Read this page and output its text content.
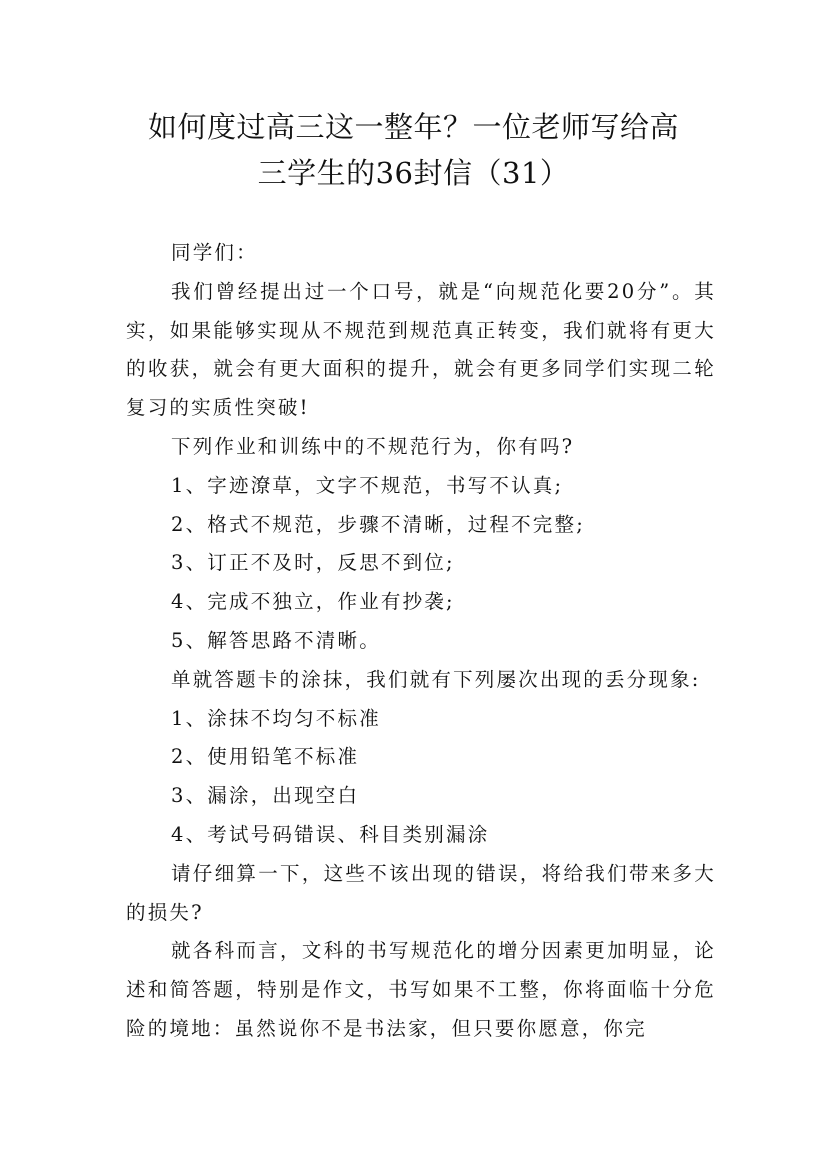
如何度过高三这一整年？一位老师写给高
三学生的36封信（31）

同学们：

我们曾经提出过一个口号，就是“向规范化要20分”。其实，如果能够实现从不规范到规范真正转变，我们就将有更大的收获，就会有更大面积的提升，就会有更多同学们实现二轮复习的实质性突破!

下列作业和训练中的不规范行为，你有吗?

1、字迹潦草，文字不规范，书写不认真;

2、格式不规范，步骤不清晰，过程不完整;

3、订正不及时，反思不到位;

4、完成不独立，作业有抄袭;

5、解答思路不清晰。

单就答题卡的涂抹，我们就有下列屡次出现的丢分现象:

1、涂抹不均匀不标准

2、使用铅笔不标准

3、漏涂，出现空白

4、考试号码错误、科目类别漏涂

请仔细算一下，这些不该出现的错误，将给我们带来多大的损失?

就各科而言，文科的书写规范化的增分因素更加明显，论述和简答题，特别是作文，书写如果不工整，你将面临十分危险的境地：虽然说你不是书法家，但只要你愿意，你完
